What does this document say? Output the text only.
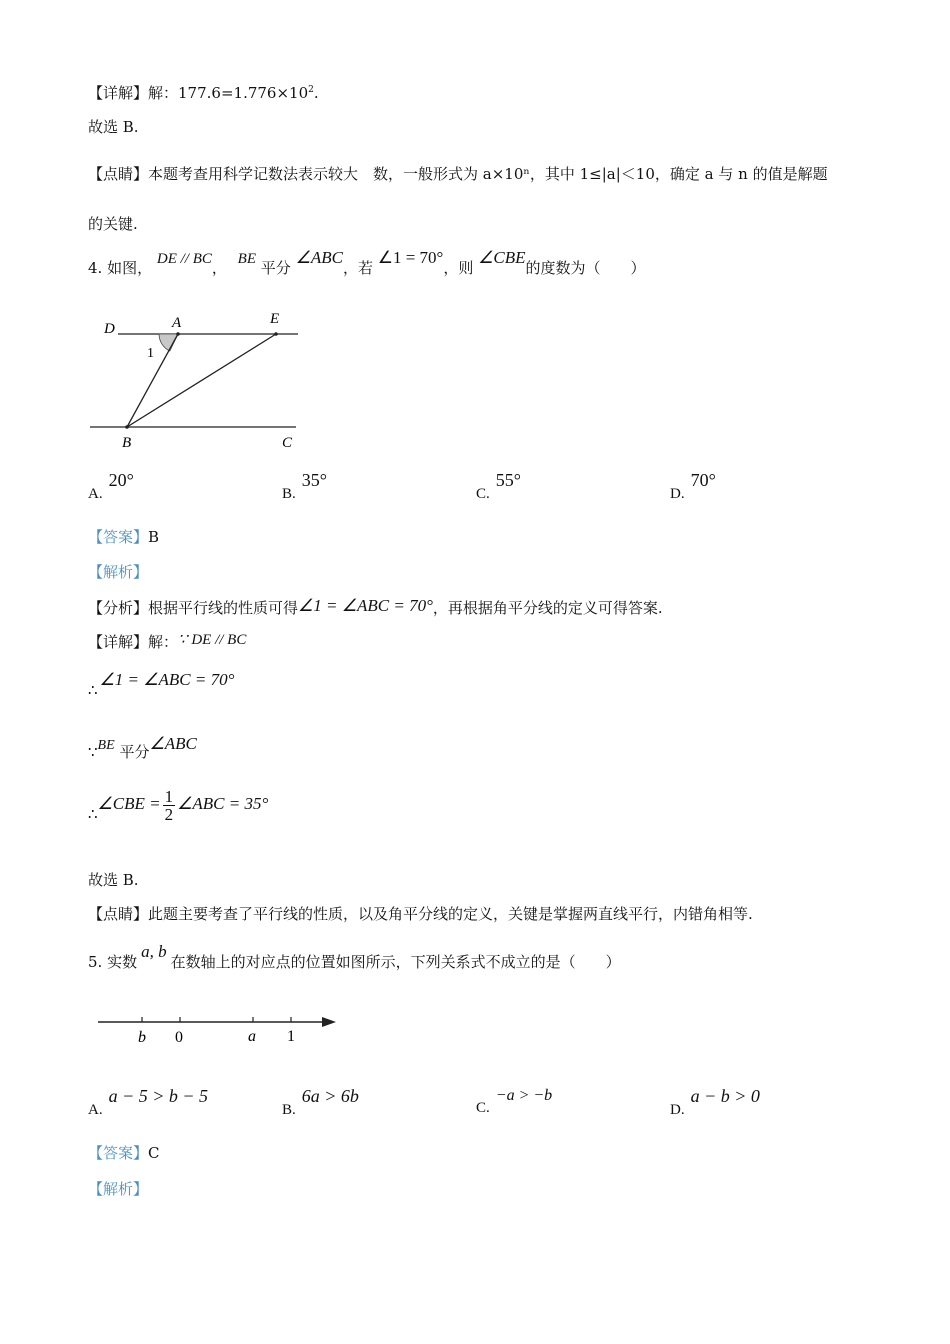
【详解】解：$177.6=1.776\times 10^2$.
故选 B.
【点睛】本题考查用科学记数法表示较大　数，一般形式为 a×10ⁿ，其中 1≤|a|＜10，确定 a 与 n 的值是解题
的关键.
4. 如图， DE // BC， BE 平分 ∠ABC，若 ∠1 = 70°，则 ∠CBE的度数为（　　）
D	A	E
1
B	C
A.20°
B.35°
C.55°
D.70°
【答案】B
【解析】
【分析】根据平行线的性质可得∠1 = ∠ABC = 70°，再根据角平分线的定义可得答案.
【详解】解：∵ DE // BC
∴∠1 = ∠ABC = 70°
∵BE 平分∠ABC
∴∠CBE = $\frac{1}{2}$ ∠ABC = 35°
故选 B.
【点睛】此题主要考查了平行线的性质，以及角平分线的定义，关键是掌握两直线平行，内错角相等.
5. 实数a, b在数轴上的对应点的位置如图所示，下列关系式不成立的是（　　）
b 0	a 1
A.a − 5 > b − 5
B.6a > 6b
C.−a > −b
D.a − b > 0
【答案】C
【解析】
